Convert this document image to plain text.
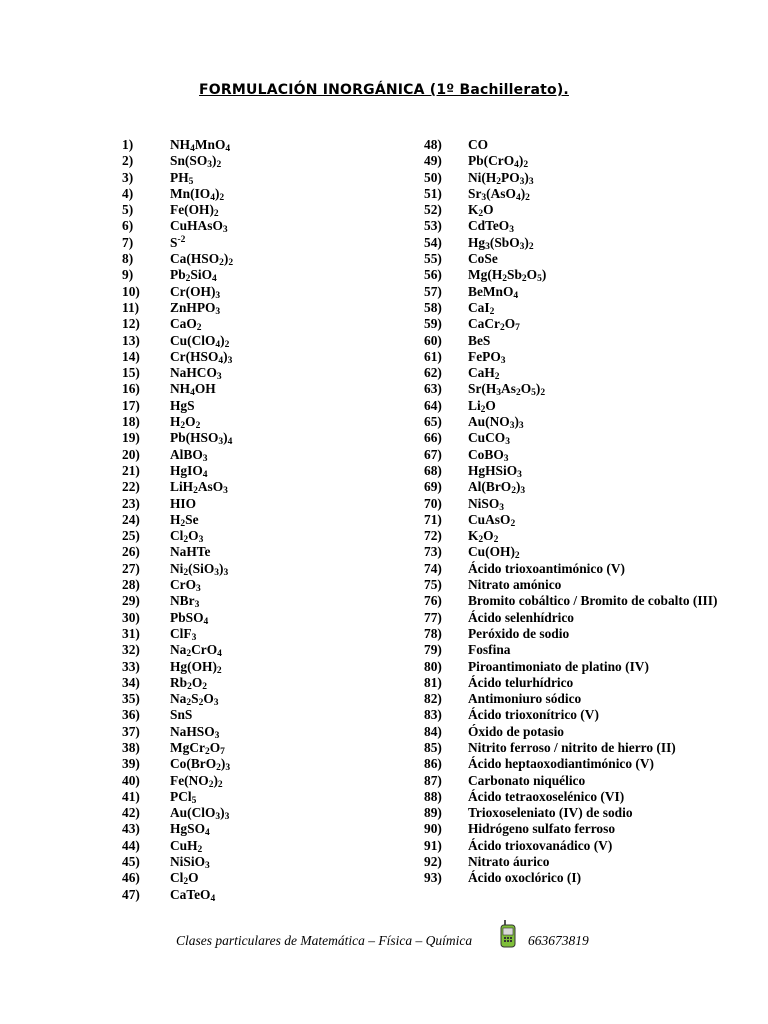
FORMULACIÓN INORGÁNICA (1º Bachillerato).
1)	$NH_4MnO_4$
2)	$Sn(SO_3)_2$
3)	$PH_5$
4)	$Mn(IO_4)_2$
5)	$Fe(OH)_2$
6)	CuHAsO$_3$
7)	$S^{-2}$
8)	$Ca(HSO_2)_2$
9)	$Pb_2SiO_4$
10)	$Cr(OH)_3$
11)	ZnHPO$_3$
12)	CaO$_2$
13)	$Cu(ClO_4)_2$
14)	$Cr(HSO_4)_3$
15)	NaHCO$_3$
16)	$NH_4OH$
17)	HgS
18)	$H_2O_2$
19)	$Pb(HSO_3)_4$
20)	AlBO$_3$
21)	HgIO$_4$
22)	LiH$_2$AsO$_3$
23)	HIO
24)	$H_2Se$
25)	$Cl_2O_3$
26)	NaHTe
27)	$Ni_2(SiO_3)_3$
28)	CrO$_3$
29)	NBr$_3$
30)	PbSO$_4$
31)	ClF$_3$
32)	$Na_2CrO_4$
33)	$Hg(OH)_2$
34)	$Rb_2O_2$
35)	$Na_2S_2O_3$
36)	SnS
37)	NaHSO$_3$
38)	$MgCr_2O_7$
39)	$Co(BrO_2)_3$
40)	$Fe(NO_2)_2$
41)	PCl$_5$
42)	$Au(ClO_3)_3$
43)	HgSO$_4$
44)	CuH$_2$
45)	NiSiO$_3$
46)	$Cl_2O$
47)	CaTeO$_4$
48)	CO
49)	$Pb(CrO_4)_2$
50)	$Ni(H_2PO_3)_3$
51)	$Sr_3(AsO_4)_2$
52)	$K_2O$
53)	CdTeO$_3$
54)	$Hg_3(SbO_3)_2$
55)	CoSe
56)	$Mg(H_2Sb_2O_5)$
57)	BeMnO$_4$
58)	CaI$_2$
59)	$CaCr_2O_7$
60)	BeS
61)	FePO$_3$
62)	CaH$_2$
63)	$Sr(H_3As_2O_5)_2$
64)	$Li_2O$
65)	$Au(NO_3)_3$
66)	CuCO$_3$
67)	CoBO$_3$
68)	HgHSiO$_3$
69)	$Al(BrO_2)_3$
70)	NiSO$_3$
71)	CuAsO$_2$
72)	$K_2O_2$
73)	$Cu(OH)_2$
74)	Ácido trioxoantimónico (V)
75)	Nitrato amónico
76)	Bromito cobáltico / Bromito de cobalto (III)
77)	Ácido selenhídrico
78)	Peróxido de sodio
79)	Fosfina
80)	Piroantimoniato de platino (IV)
81)	Ácido telurhídrico
82)	Antimoniuro sódico
83)	Ácido trioxonítrico (V)
84)	Óxido de potasio
85)	Nitrito ferroso / nitrito de hierro (II)
86)	Ácido heptaoxodiantimónico (V)
87)	Carbonato niquélico
88)	Ácido tetraoxoselénico (VI)
89)	Trioxoseleniato (IV) de sodio
90)	Hidrógeno sulfato ferroso
91)	Ácido trioxovanádico (V)
92)	Nitrato áurico
93)	Ácido oxoclórico (I)
Clases particulares de Matemática – Física – Química	663673819
